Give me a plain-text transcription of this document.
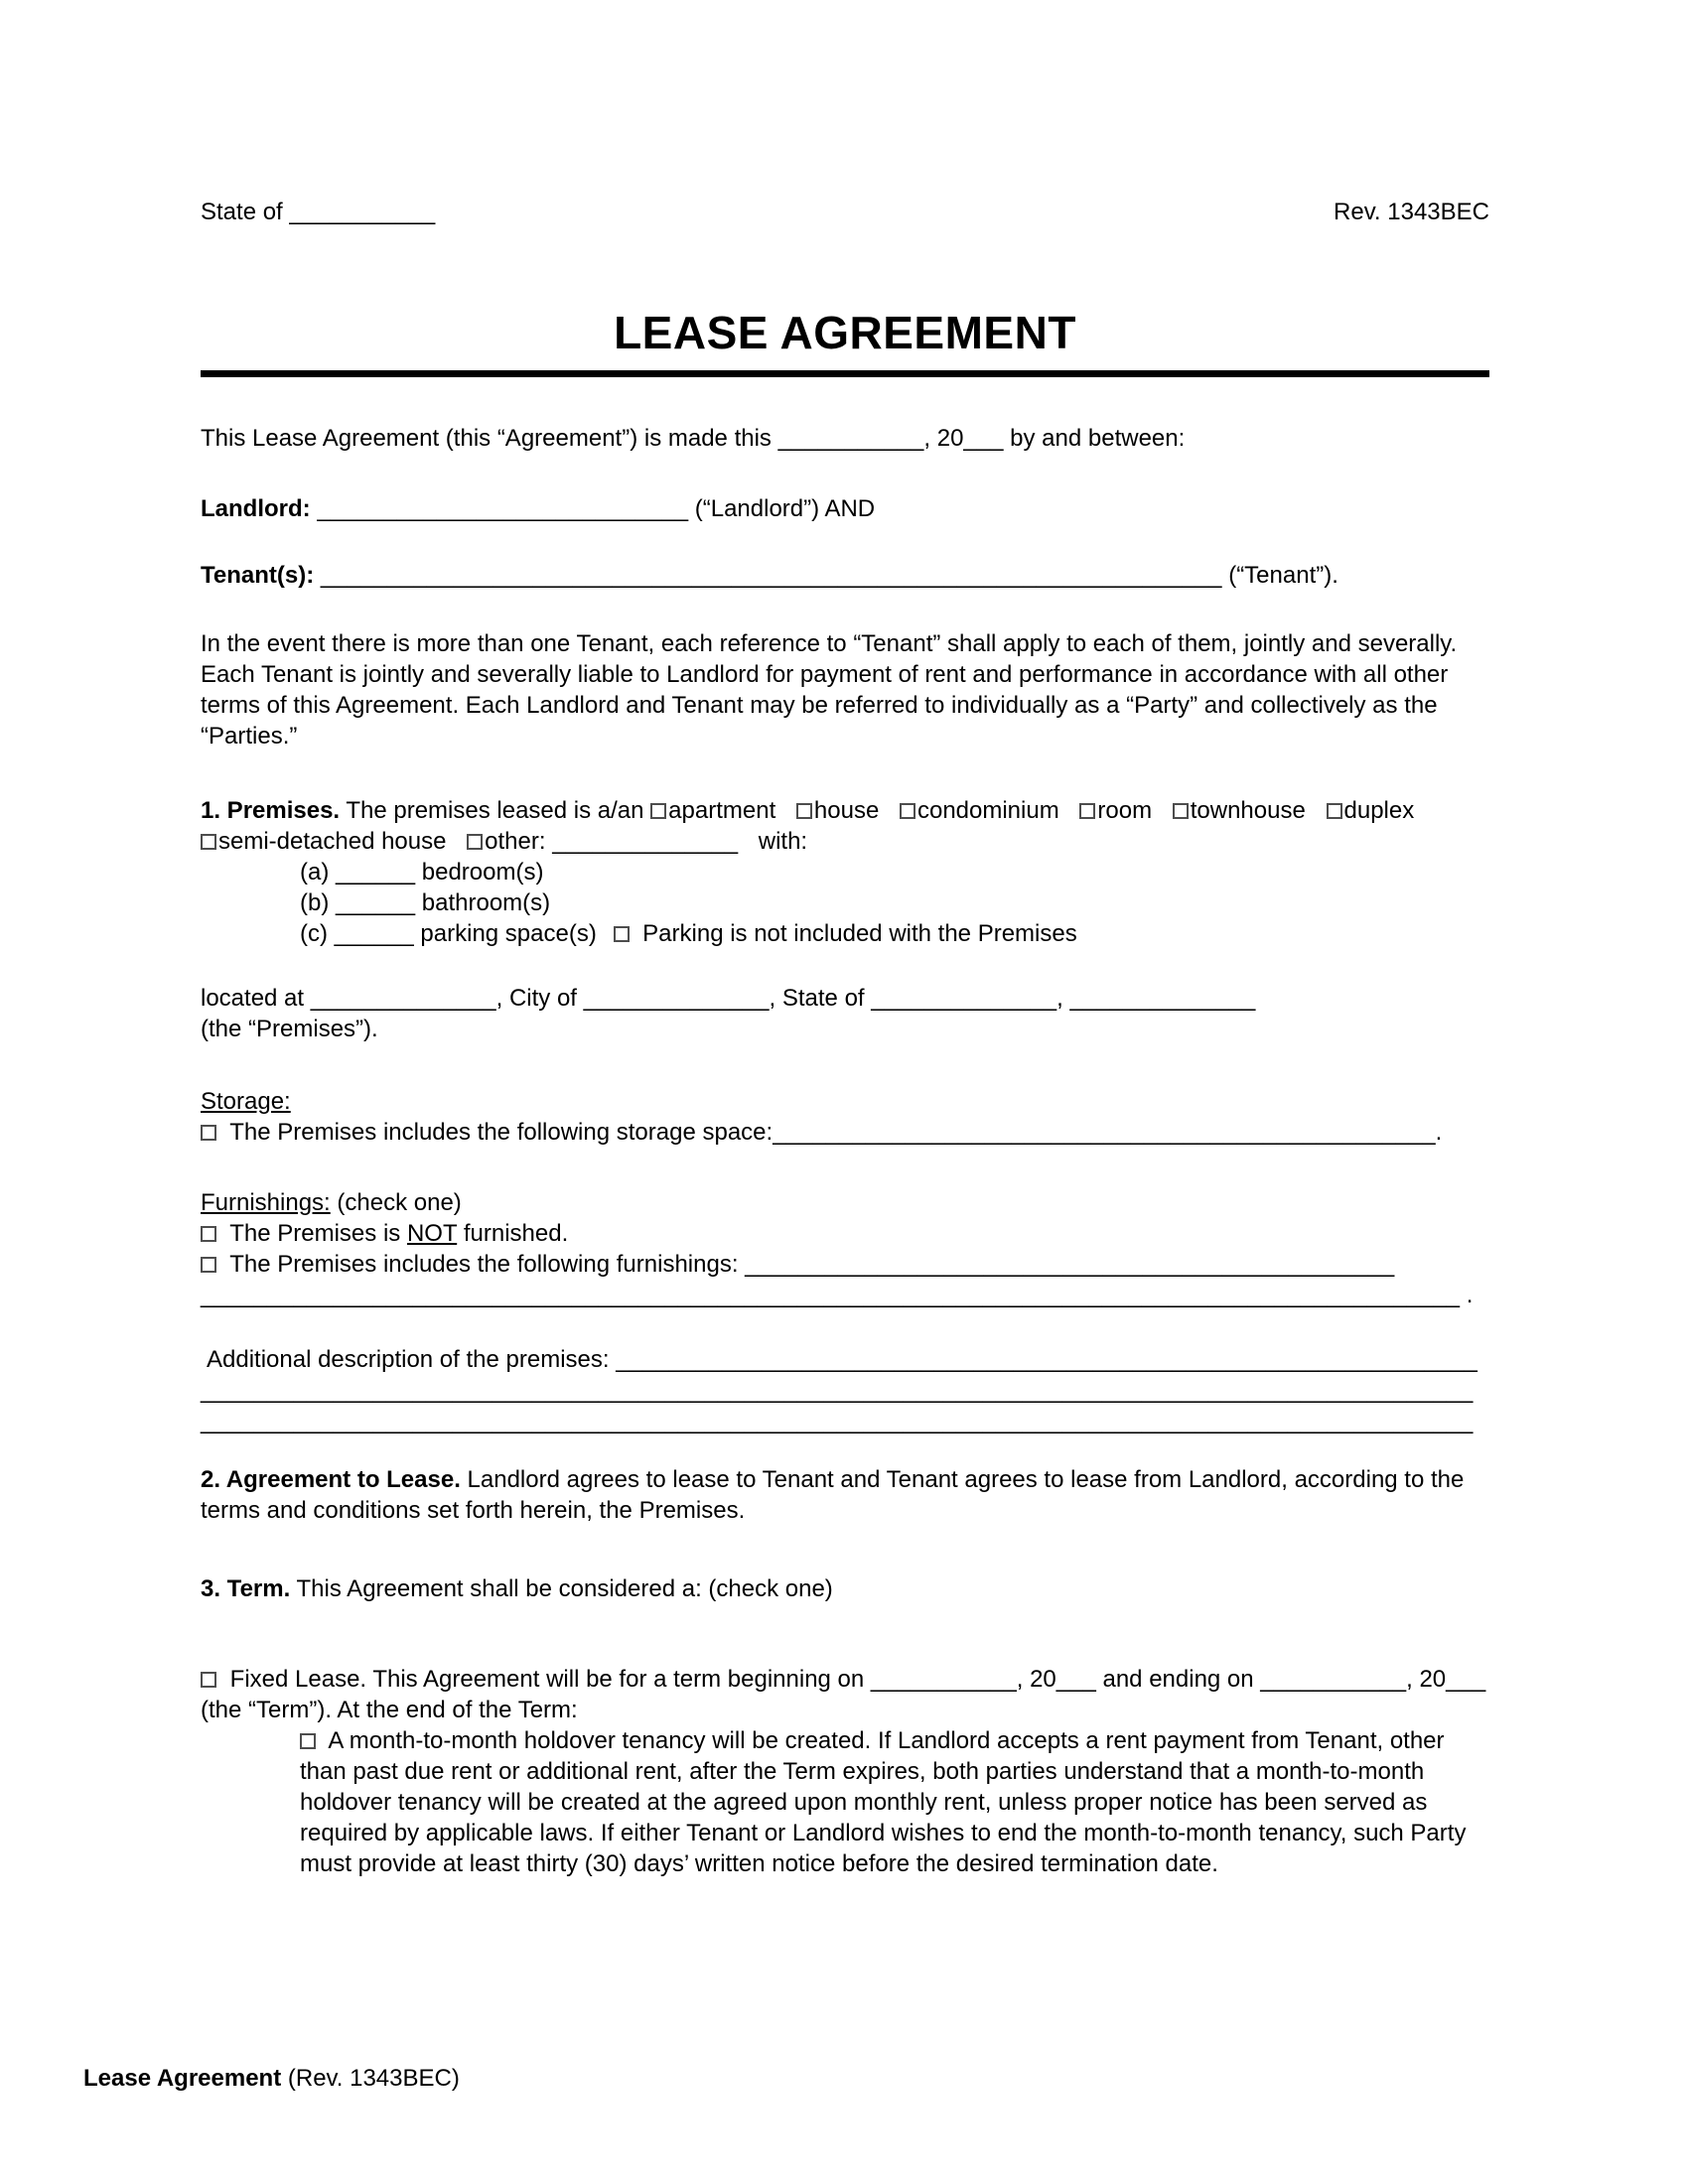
State of ___________	Rev. 1343BEC
LEASE AGREEMENT

This Lease Agreement (this “Agreement”) is made this ___________, 20___ by and between:

Landlord: ____________________________ (“Landlord”) AND

Tenant(s): ____________________________________________________________________ (“Tenant”).

In the event there is more than one Tenant, each reference to “Tenant” shall apply to each of them, jointly and severally. Each Tenant is jointly and severally liable to Landlord for payment of rent and performance in accordance with all other terms of this Agreement. Each Landlord and Tenant may be referred to individually as a “Party” and collectively as the “Parties.”

1. Premises. The premises leased is a/an apartment house condominium room townhouse duplex semi-detached house other: ______________ with:

(a) ______ bedroom(s)

(b) ______ bathroom(s)

(c) ______ parking space(s)  Parking is not included with the Premises

located at ______________, City of ______________, State of ______________, ______________

(the “Premises”).

Storage:

The Premises includes the following storage space:__________________________________________________.

Furnishings: (check one)

The Premises is NOT furnished.

The Premises includes the following furnishings: _________________________________________________

_______________________________________________________________________________________________ .

Additional description of the premises: _________________________________________________________________

________________________________________________________________________________________________

________________________________________________________________________________________________

2. Agreement to Lease. Landlord agrees to lease to Tenant and Tenant agrees to lease from Landlord, according to the terms and conditions set forth herein, the Premises.

3. Term. This Agreement shall be considered a: (check one)

Fixed Lease. This Agreement will be for a term beginning on ___________, 20___ and ending on ___________, 20___ (the “Term”). At the end of the Term:

A month-to-month holdover tenancy will be created. If Landlord accepts a rent payment from Tenant, other than past due rent or additional rent, after the Term expires, both parties understand that a month-to-month holdover tenancy will be created at the agreed upon monthly rent, unless proper notice has been served as required by applicable laws. If either Tenant or Landlord wishes to end the month-to-month tenancy, such Party must provide at least thirty (30) days’ written notice before the desired termination date.

Lease Agreement (Rev. 1343BEC)
